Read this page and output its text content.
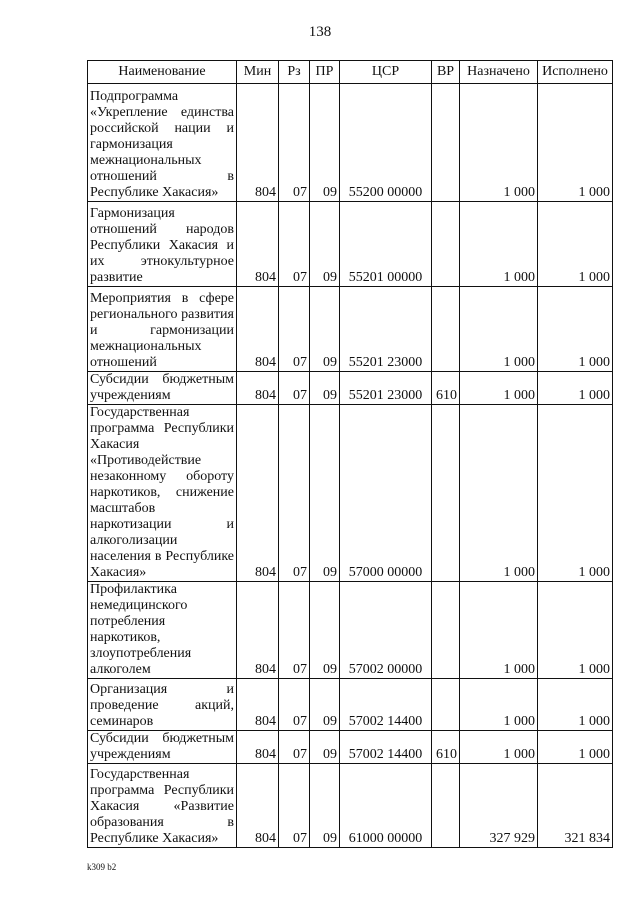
138
Наименование	Мин	Рз	ПР	ЦСР	ВР	Назначено	Исполнено
Подпрограмма «Укрепление единства российской нации и гармонизация межнациональных отношений в Республике Хакасия»	804	07	09	55200 00000		1 000	1 000
Гармонизация отношений народов Республики Хакасия и их этнокультурное развитие	804	07	09	55201 00000		1 000	1 000
Мероприятия в сфере регионального развития и гармонизации межнациональных отношений	804	07	09	55201 23000		1 000	1 000
Субсидии бюджетным учреждениям	804	07	09	55201 23000	610	1 000	1 000
Государственная программа Республики Хакасия «Противодействие незаконному обороту наркотиков, снижение масштабов наркотизации и алкоголизации населения в Республике Хакасия»	804	07	09	57000 00000		1 000	1 000
Профилактика немедицинского потребления наркотиков, злоупотребления алкоголем	804	07	09	57002 00000		1 000	1 000
Организация и проведение акций, семинаров	804	07	09	57002 14400		1 000	1 000
Субсидии бюджетным учреждениям	804	07	09	57002 14400	610	1 000	1 000
Государственная программа Республики Хакасия «Развитие образования в Республике Хакасия»	804	07	09	61000 00000		327 929	321 834
k309 b2
